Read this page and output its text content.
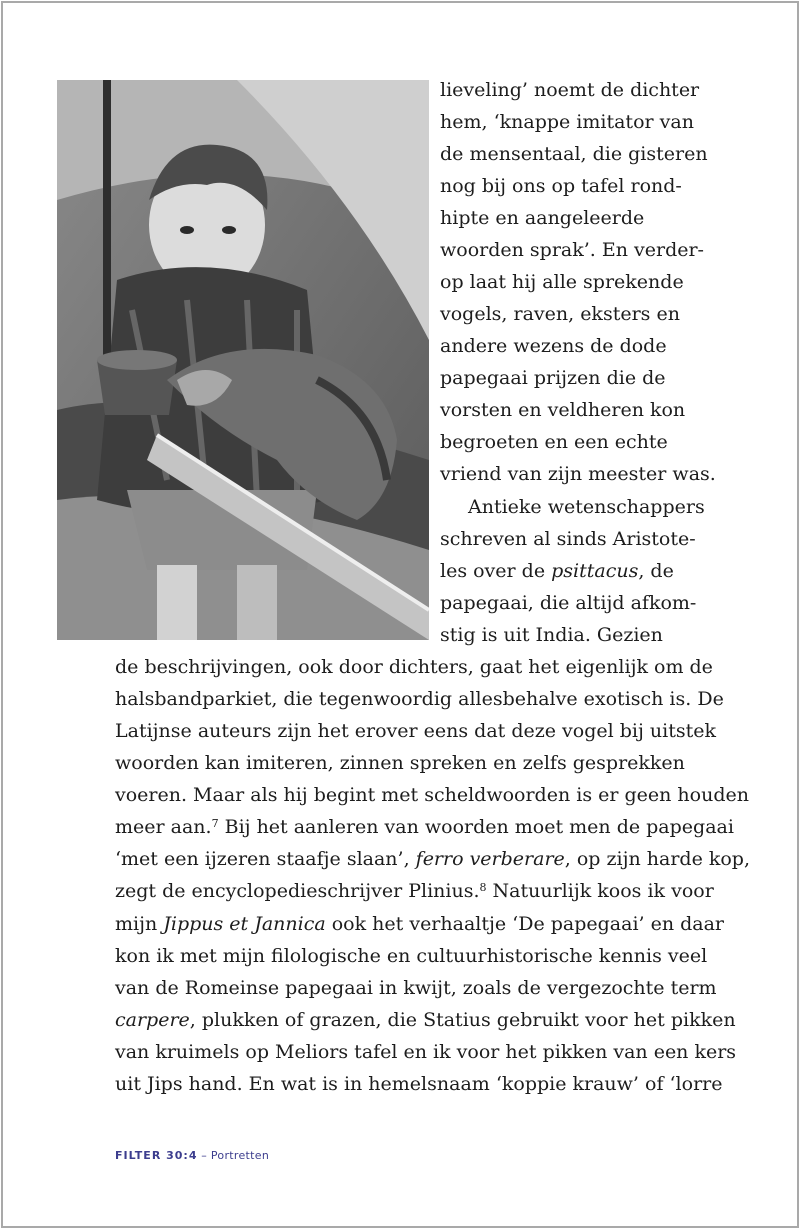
lieveling’ noemt de dichter
hem, ‘knappe imitator van
de mensentaal, die gisteren
nog bij ons op tafel rond-
hipte en aangeleerde
woorden sprak’. En verder-
op laat hij alle sprekende
vogels, raven, eksters en
andere wezens de dode
papegaai prijzen die de
vorsten en veldheren kon
begroeten en een echte
vriend van zijn meester was.
Antieke wetenschappers
schreven al sinds Aristote-
les over de psittacus, de
papegaai, die altijd afkom-
stig is uit India. Gezien
de beschrijvingen, ook door dichters, gaat het eigenlijk om de
halsbandparkiet, die tegenwoordig allesbehalve exotisch is. De
Latijnse auteurs zijn het erover eens dat deze vogel bij uitstek
woorden kan imiteren, zinnen spreken en zelfs gesprekken
voeren. Maar als hij begint met scheldwoorden is er geen houden
meer aan.$^7$ Bij het aanleren van woorden moet men de papegaai
‘met een ijzeren staafje slaan’, ferro verberare, op zijn harde kop,
zegt de encyclopedieschrijver Plinius.$^8$ Natuurlijk koos ik voor
mijn Jippus et Jannica ook het verhaaltje ‘De papegaai’ en daar
kon ik met mijn filologische en cultuurhistorische kennis veel
van de Romeinse papegaai in kwijt, zoals de vergezochte term
carpere, plukken of grazen, die Statius gebruikt voor het pikken
van kruimels op Meliors tafel en ik voor het pikken van een kers
uit Jips hand. En wat is in hemelsnaam ‘koppie krauw’ of ‘lorre
FILTER 30:4 – Portretten
